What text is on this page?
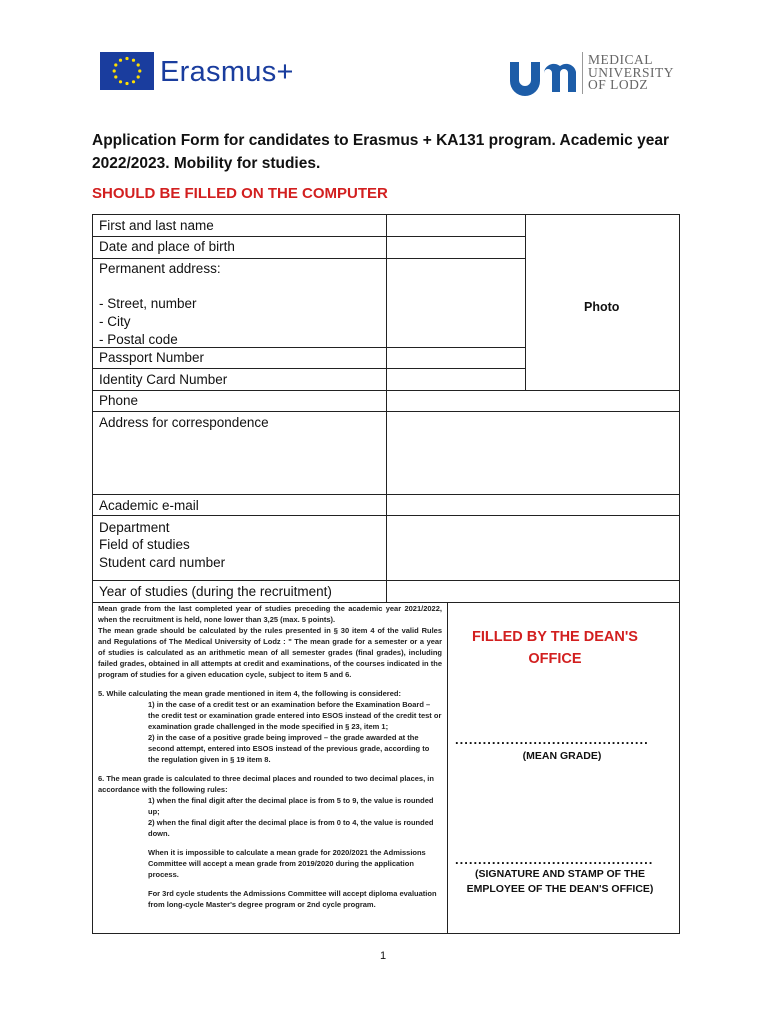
Erasmus+	MEDICAL
UNIVERSITY
OF LODZ
Application Form for candidates to Erasmus + KA131 program. Academic year
2022/2023. Mobility for studies.
SHOULD BE FILLED ON THE COMPUTER
First and last name
Date and place of birth
Permanent address:
- Street, number
- City
- Postal code
Passport Number
Identity Card Number
Phone
Address for correspondence
Academic e-mail
Department
Field of studies
Student card number
Year of studies (during the recruitment)
Photo

Mean grade from the last completed year of studies preceding the academic year 2021/2022, when the recruitment is held, none lower than 3,25 (max. 5 points).

The mean grade should be calculated by the rules presented in § 30 item 4 of the valid Rules and Regulations of The Medical University of Lodz : " The mean grade for a semester or a year of studies is calculated as an arithmetic mean of all semester grades (final grades), including failed grades, obtained in all attempts at credit and examinations, of the courses indicated in the program of studies for a given education cycle, subject to item 5 and 6.

5. While calculating the mean grade mentioned in item 4, the following is considered:

1) in the case of a credit test or an examination before the Examination Board – the credit test or examination grade entered into ESOS instead of the credit test or examination grade challenged in the mode specified in § 23, item 1;

2) in the case of a positive grade being improved – the grade awarded at the second attempt, entered into ESOS instead of the previous grade, according to the regulation given in § 19 item 8.

6. The mean grade is calculated to three decimal places and rounded to two decimal places, in accordance with the following rules:

1) when the final digit after the decimal place is from 5 to 9, the value is rounded up;

2) when the final digit after the decimal place is from 0 to 4, the value is rounded down.

When it is impossible to calculate a mean grade for 2020/2021 the Admissions Committee will accept a mean grade from 2019/2020 during the application process.

For 3rd cycle students the Admissions Committee will accept diploma evaluation from long-cycle Master's degree program or 2nd cycle program.

FILLED BY THE DEAN'S
OFFICE
..........................................
(MEAN GRADE)
...........................................
(SIGNATURE AND STAMP OF THE
EMPLOYEE OF THE DEAN'S OFFICE)
1
